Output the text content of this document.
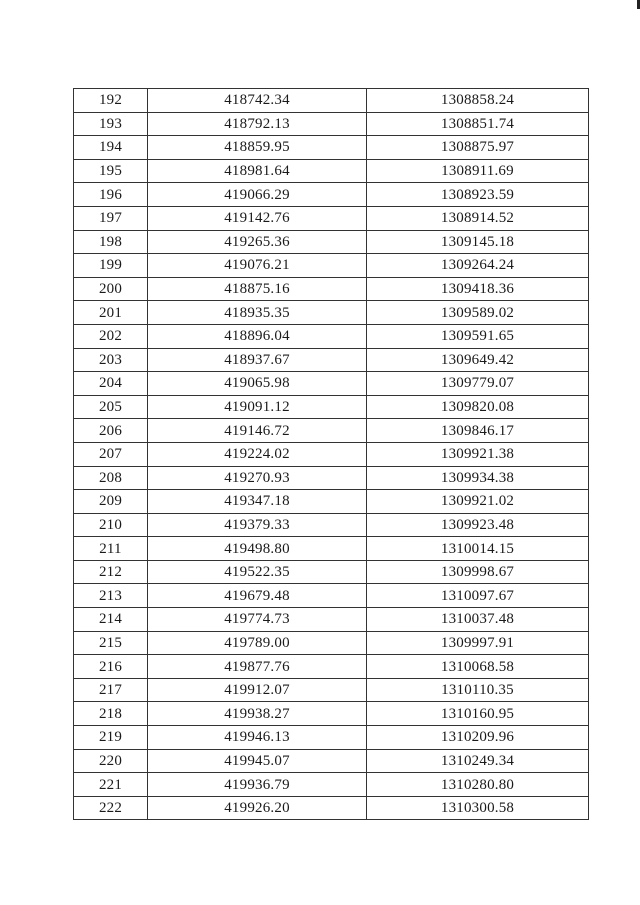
192	418742.34	1308858.24
193	418792.13	1308851.74
194	418859.95	1308875.97
195	418981.64	1308911.69
196	419066.29	1308923.59
197	419142.76	1308914.52
198	419265.36	1309145.18
199	419076.21	1309264.24
200	418875.16	1309418.36
201	418935.35	1309589.02
202	418896.04	1309591.65
203	418937.67	1309649.42
204	419065.98	1309779.07
205	419091.12	1309820.08
206	419146.72	1309846.17
207	419224.02	1309921.38
208	419270.93	1309934.38
209	419347.18	1309921.02
210	419379.33	1309923.48
211	419498.80	1310014.15
212	419522.35	1309998.67
213	419679.48	1310097.67
214	419774.73	1310037.48
215	419789.00	1309997.91
216	419877.76	1310068.58
217	419912.07	1310110.35
218	419938.27	1310160.95
219	419946.13	1310209.96
220	419945.07	1310249.34
221	419936.79	1310280.80
222	419926.20	1310300.58
